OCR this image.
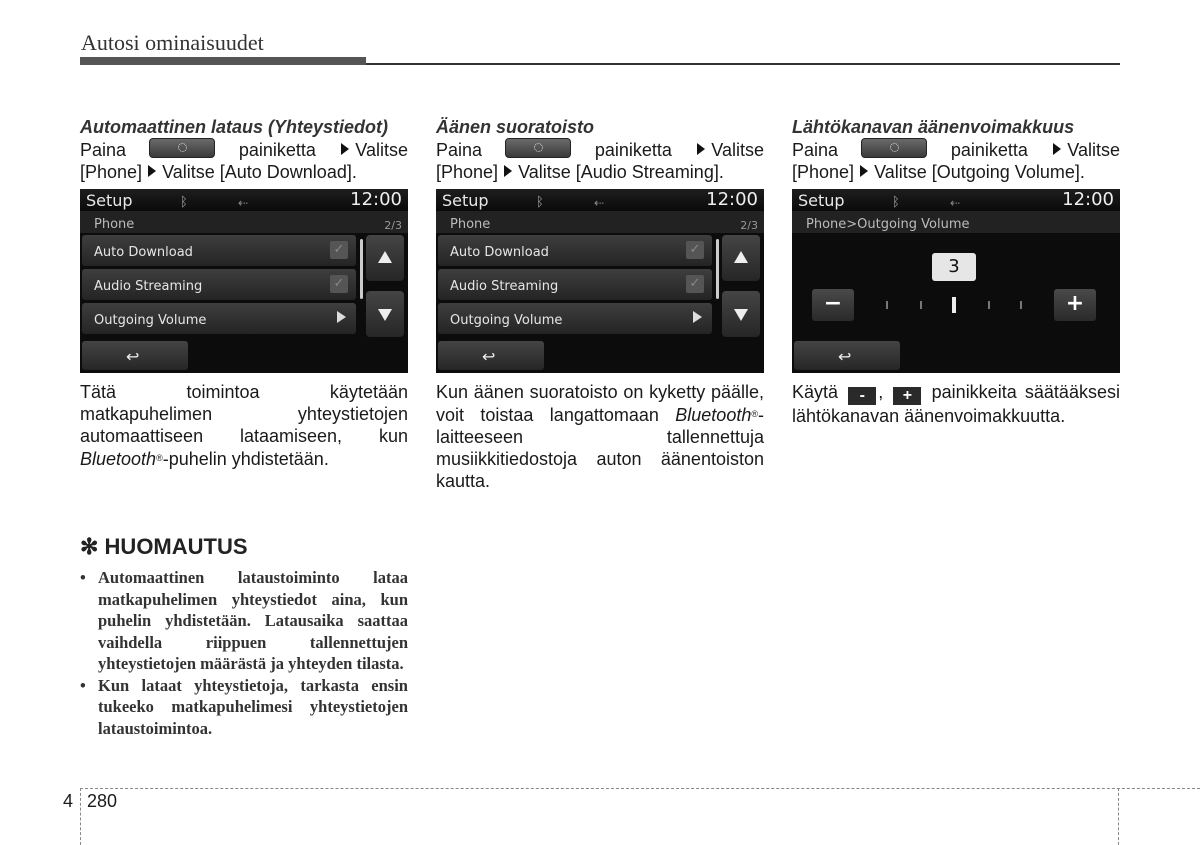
Autosi ominaisuudet
Automaattinen lataus (Yhteystiedot)

Paina	painiketta Valitse [Phone] Valitse [Auto Download].

Setup	ᛒ	⇠	12:00
Phone	2/3
Auto Download	✓
Audio Streaming	✓
Outgoing Volume
↩

Tätä toimintoa käytetään matkapuhelimen yhteystietojen automaattiseen lataamiseen, kun Bluetooth®-puhelin yhdistetään.

Äänen suoratoisto

Paina	painiketta Valitse [Phone] Valitse [Audio Streaming].

Setup	ᛒ	⇠	12:00
Phone	2/3
Auto Download	✓
Audio Streaming	✓
Outgoing Volume
↩

Kun äänen suoratoisto on kyketty päälle, voit toistaa langattomaan Bluetooth®-laitteeseen tallennettuja musiikkitiedostoja auton äänentoiston kautta.

Lähtökanavan äänenvoimakkuus

Paina	painiketta Valitse [Phone] Valitse [Outgoing Volume].

Setup	ᛒ	⇠	12:00
Phone>Outgoing Volume
3
−	+
↩

Käytä - , + painikkeita säätääksesi lähtökanavan äänenvoimakkuutta.

✻ HUOMAUTUS
• Automaattinen lataustoiminto lataa matkapuhelimen yhteystiedot aina, kun puhelin yhdistetään. Latausaika saattaa vaihdella riippuen tallennettujen yhteystietojen määrästä ja yhteyden tilasta.
• Kun lataat yhteystietoja, tarkasta ensin tukeeko matkapuhelimesi yhteystietojen lataustoimintoa.
4 280
